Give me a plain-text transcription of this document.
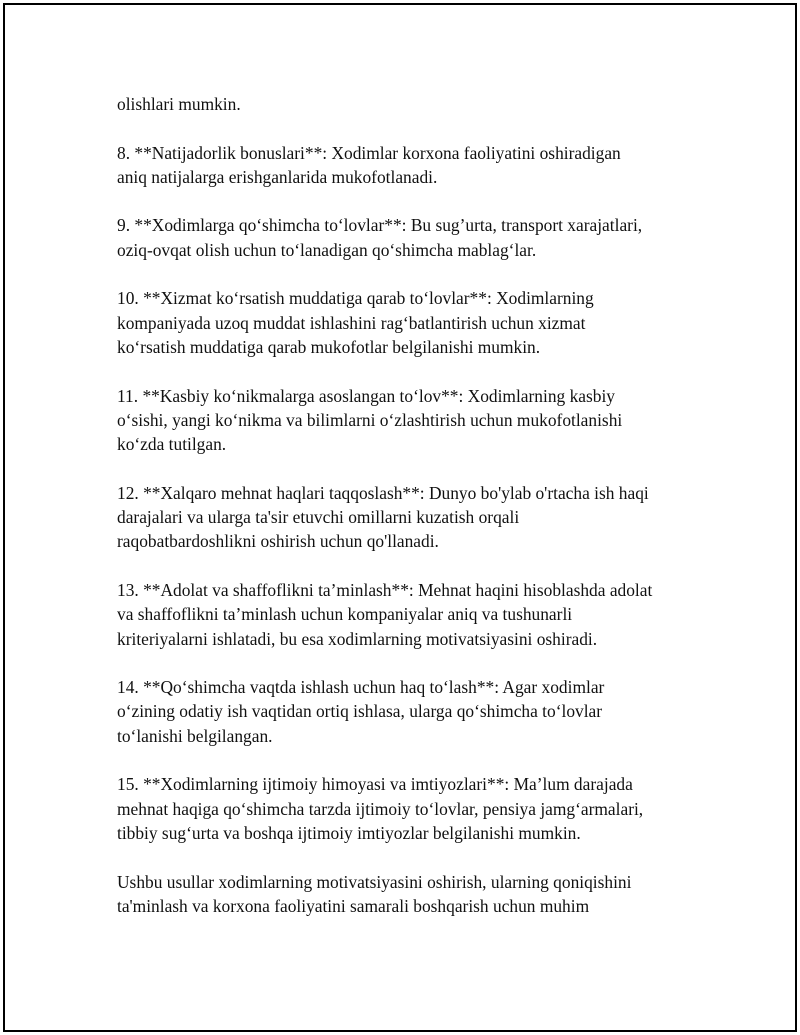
olishlari mumkin.

8. **Natijadorlik bonuslari**: Xodimlar korxona faoliyatini oshiradigan
aniq natijalarga erishganlarida mukofotlanadi.

9. **Xodimlarga qo‘shimcha to‘lovlar**: Bu sug’urta, transport xarajatlari,
oziq-ovqat olish uchun to‘lanadigan qo‘shimcha mablag‘lar.

10. **Xizmat ko‘rsatish muddatiga qarab to‘lovlar**: Xodimlarning
kompaniyada uzoq muddat ishlashini rag‘batlantirish uchun xizmat
ko‘rsatish muddatiga qarab mukofotlar belgilanishi mumkin.

11. **Kasbiy ko‘nikmalarga asoslangan to‘lov**: Xodimlarning kasbiy
o‘sishi, yangi ko‘nikma va bilimlarni o‘zlashtirish uchun mukofotlanishi
ko‘zda tutilgan.

12. **Xalqaro mehnat haqlari taqqoslash**: Dunyo bo'ylab o'rtacha ish haqi
darajalari va ularga ta'sir etuvchi omillarni kuzatish orqali
raqobatbardoshlikni oshirish uchun qo'llanadi.

13. **Adolat va shaffoflikni ta’minlash**: Mehnat haqini hisoblashda adolat
va shaffoflikni ta’minlash uchun kompaniyalar aniq va tushunarli
kriteriyalarni ishlatadi, bu esa xodimlarning motivatsiyasini oshiradi.

14. **Qo‘shimcha vaqtda ishlash uchun haq to‘lash**: Agar xodimlar
o‘zining odatiy ish vaqtidan ortiq ishlasa, ularga qo‘shimcha to‘lovlar
to‘lanishi belgilangan.

15. **Xodimlarning ijtimoiy himoyasi va imtiyozlari**: Ma’lum darajada
mehnat haqiga qo‘shimcha tarzda ijtimoiy to‘lovlar, pensiya jamg‘armalari,
tibbiy sug‘urta va boshqa ijtimoiy imtiyozlar belgilanishi mumkin.

Ushbu usullar xodimlarning motivatsiyasini oshirish, ularning qoniqishini
ta'minlash va korxona faoliyatini samarali boshqarish uchun muhim
